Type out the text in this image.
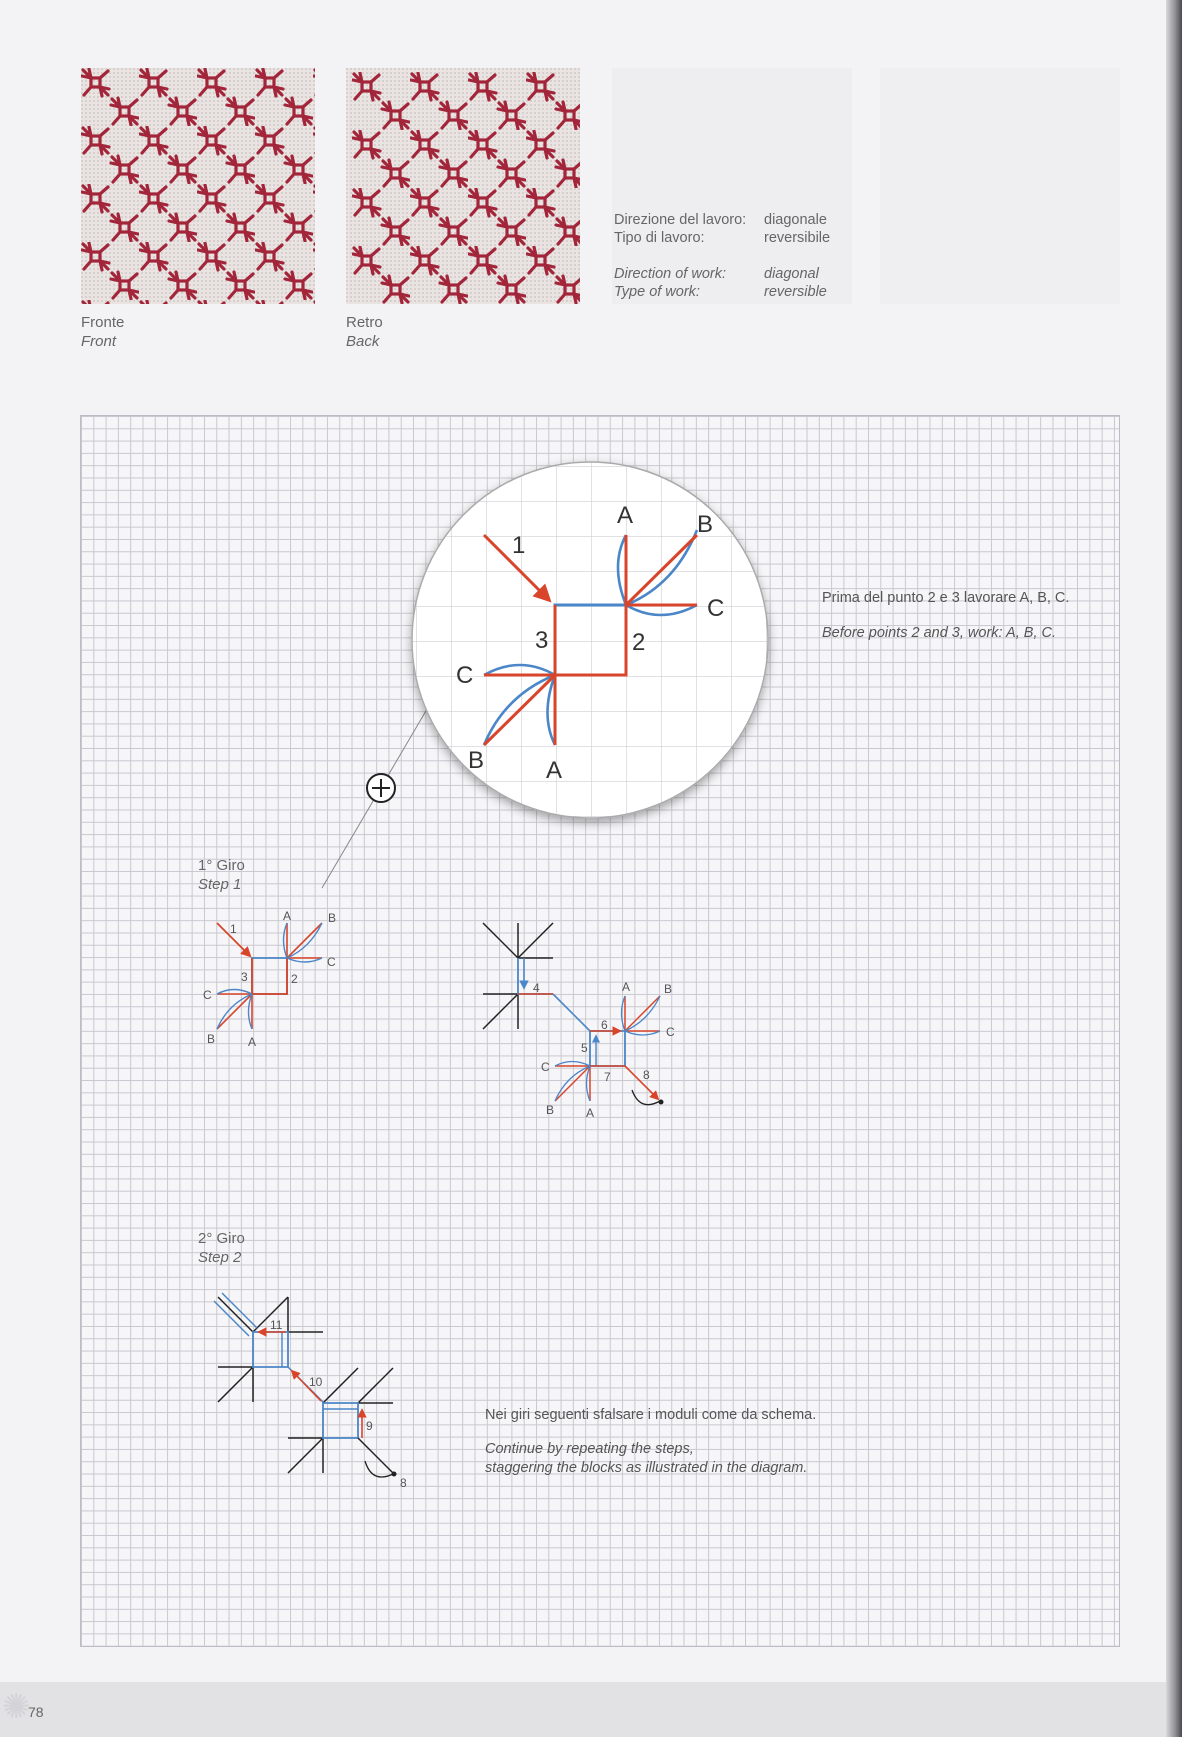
Fronte
Front
Retro
Back
Direzione del lavoro:	diagonale
Tipo di lavoro:	reversibile
Direction of work:	diagonal
Type of work:	reversible
1
2
3
A	B
C
C
B	A
1
2
3
A	B
C
C
B	A
4
5
6
7	8
A	B
C
C
B	A
9
10
11
8
Prima del punto 2 e 3 lavorare A, B, C.
Before points 2 and 3, work: A, B, C.
1° Giro
Step 1
2° Giro
Step 2
Nei giri seguenti sfalsare i moduli come da schema.
Continue by repeating the steps,
staggering the blocks as illustrated in the diagram.
✺
78
